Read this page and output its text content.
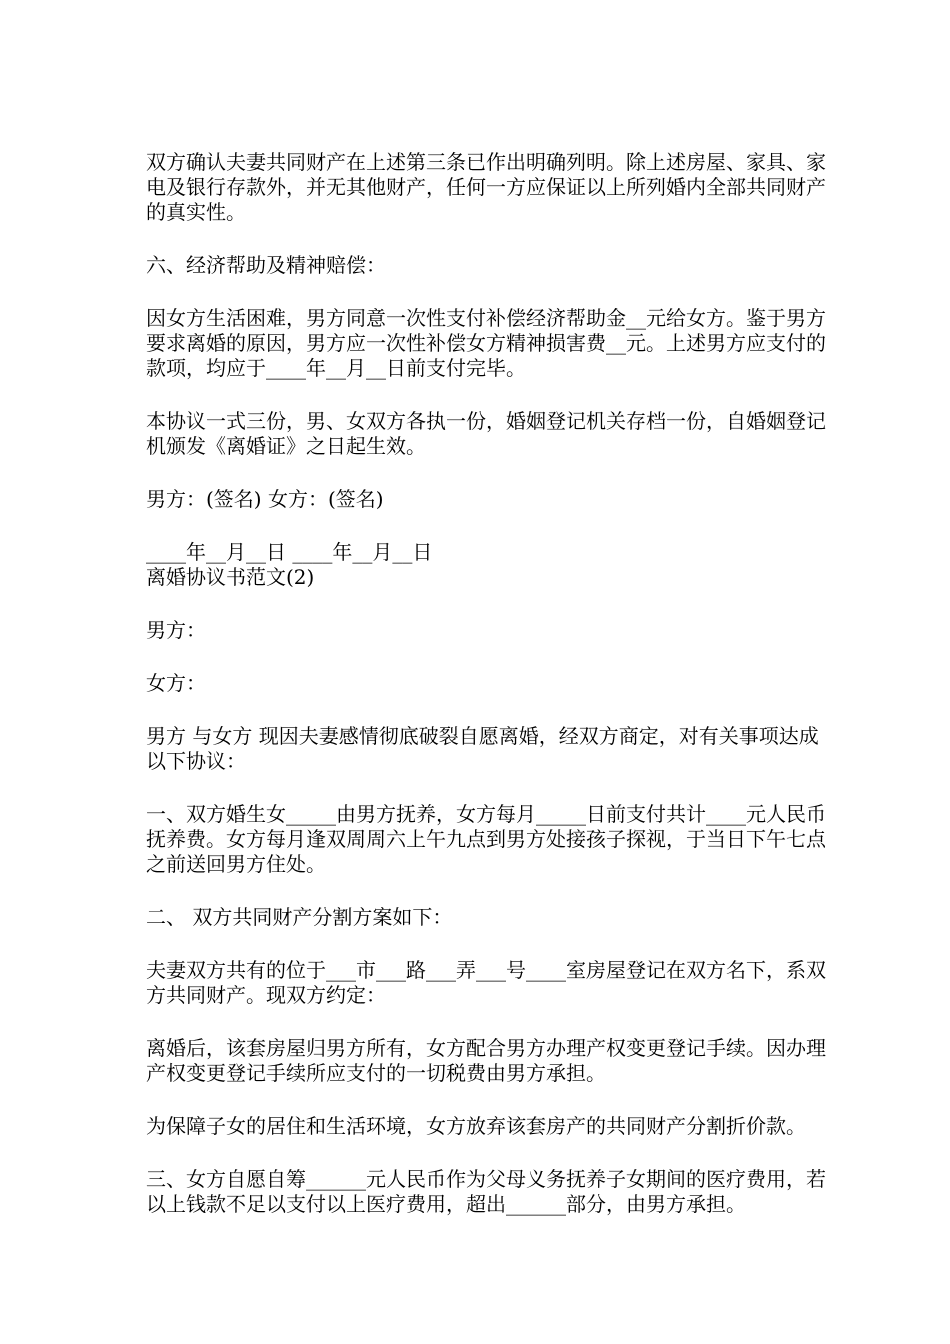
双方确认夫妻共同财产在上述第三条已作出明确列明。除上述房屋、家具、家电及银行存款外，并无其他财产，任何一方应保证以上所列婚内全部共同财产的真实性。

六、经济帮助及精神赔偿：

因女方生活困难，男方同意一次性支付补偿经济帮助金__元给女方。鉴于男方要求离婚的原因，男方应一次性补偿女方精神损害费__元。上述男方应支付的款项，均应于____年__月__日前支付完毕。

本协议一式三份，男、女双方各执一份，婚姻登记机关存档一份，自婚姻登记机颁发《离婚证》之日起生效。

男方：(签名) 女方：(签名)

____年__月__日 ____年__月__日

离婚协议书范文(2)

男方：

女方：

男方 与女方 现因夫妻感情彻底破裂自愿离婚，经双方商定，对有关事项达成以下协议：

一、双方婚生女_____由男方抚养，女方每月_____日前支付共计____元人民币抚养费。女方每月逢双周周六上午九点到男方处接孩子探视，于当日下午七点之前送回男方住处。

二、 双方共同财产分割方案如下：

夫妻双方共有的位于___市___路___弄___号____室房屋登记在双方名下，系双方共同财产。现双方约定：

离婚后，该套房屋归男方所有，女方配合男方办理产权变更登记手续。因办理产权变更登记手续所应支付的一切税费由男方承担。

为保障子女的居住和生活环境，女方放弃该套房产的共同财产分割折价款。

三、女方自愿自筹______元人民币作为父母义务抚养子女期间的医疗费用，若以上钱款不足以支付以上医疗费用，超出______部分，由男方承担。
